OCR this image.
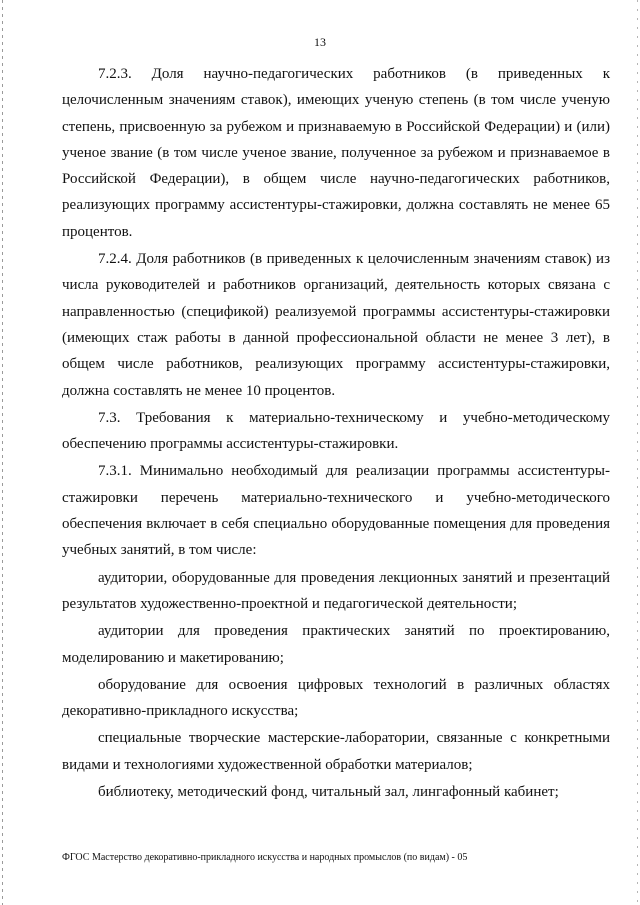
13

7.2.3. Доля научно-педагогических работников (в приведенных к целочисленным значениям ставок), имеющих ученую степень (в том числе ученую степень, присвоенную за рубежом и признаваемую в Российской Федерации) и (или) ученое звание (в том числе ученое звание, полученное за рубежом и признаваемое в Российской Федерации), в общем числе научно-педагогических работников, реализующих программу ассистентуры-стажировки, должна составлять не менее 65 процентов.

7.2.4. Доля работников (в приведенных к целочисленным значениям ставок) из числа руководителей и работников организаций, деятельность которых связана с направленностью (спецификой) реализуемой программы ассистентуры-стажировки (имеющих стаж работы в данной профессиональной области не менее 3 лет), в общем числе работников, реализующих программу ассистентуры-стажировки, должна составлять не менее 10 процентов.

7.3. Требования к материально-техническому и учебно-методическому обеспечению программы ассистентуры-стажировки.

7.3.1. Минимально необходимый для реализации программы ассистентуры-стажировки перечень материально-технического и учебно-методического обеспечения включает в себя специально оборудованные помещения для проведения учебных занятий, в том числе:

аудитории, оборудованные для проведения лекционных занятий и презентаций результатов художественно-проектной и педагогической деятельности;

аудитории для проведения практических занятий по проектированию, моделированию и макетированию;

оборудование для освоения цифровых технологий в различных областях декоративно-прикладного искусства;

специальные творческие мастерские-лаборатории, связанные с конкретными видами и технологиями художественной обработки материалов;

библиотеку, методический фонд, читальный зал, лингафонный кабинет;

ФГОС Мастерство декоративно-прикладного искусства и народных промыслов (по видам) - 05
